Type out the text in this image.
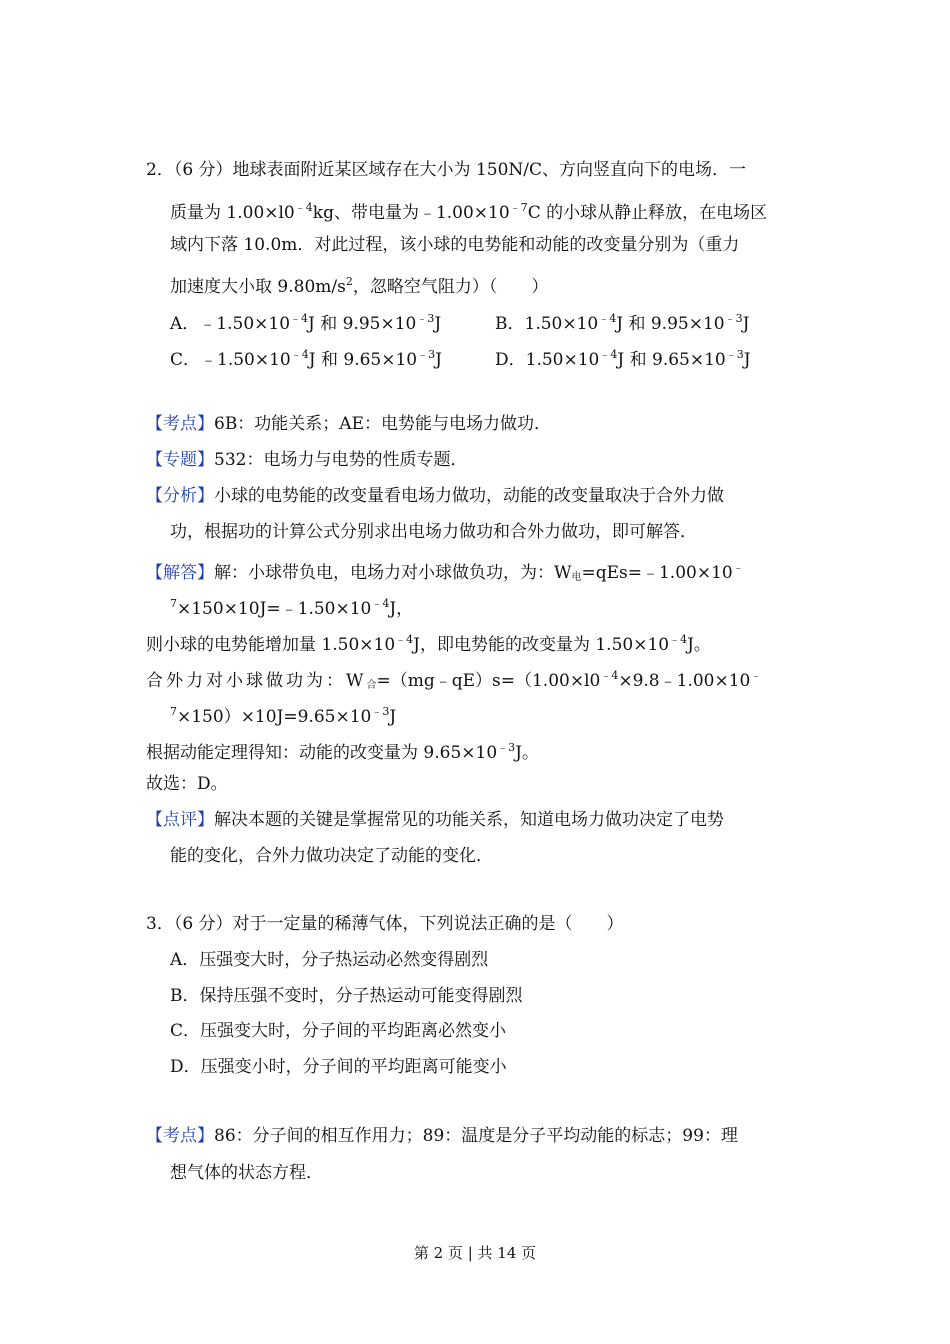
2．（6 分）地球表面附近某区域存在大小为 150N/C、方向竖直向下的电场．一
质量为 $1.00\times l0^{﹣4}kg$、带电量为$﹣1.00\times 10^{﹣7}C$ 的小球从静止释放，在电场区
域内下落 10.0m．对此过程，该小球的电势能和动能的改变量分别为（重力
加速度大小取 $9.80m/s^2$，忽略空气阻力）（　　）
A．$﹣1.50\times 10^{﹣4}J$ 和 $9.95\times 10^{﹣3}J$	B．$1.50\times 10^{﹣4}J$ 和 $9.95\times 10^{﹣3}J$
C．$﹣1.50\times 10^{﹣4}J$ 和 $9.65\times 10^{﹣3}J$	D．$1.50\times 10^{﹣4}J$ 和 $9.65\times 10^{﹣3}J$
【考点】6B：功能关系；AE：电势能与电场力做功．
【专题】532：电场力与电势的性质专题．
【分析】小球的电势能的改变量看电场力做功，动能的改变量取决于合外力做
功，根据功的计算公式分别求出电场力做功和合外力做功，即可解答．
【解答】解：小球带负电，电场力对小球做负功，为：$W_电=qEs=﹣1.00\times 10^﹣$
$^7\times 150\times 10J=﹣1.50\times 10^{﹣4}J$，
则小球的电势能增加量 $1.50\times 10^{﹣4}J$，即电势能的改变量为 $1.50\times 10^{﹣4}J$。
合外力对小球做功为：$W_合=(mg﹣qE)s=(1.00\times l0^{﹣4}\times 9.8﹣1.00\times 10^﹣$
$^7\times 150)\times 10J=9.65\times 10^{﹣3}J$
根据动能定理得知：动能的改变量为 $9.65\times 10^{﹣3}J$。
故选：D。
【点评】解决本题的关键是掌握常见的功能关系，知道电场力做功决定了电势
能的变化，合外力做功决定了动能的变化．
3．（6 分）对于一定量的稀薄气体，下列说法正确的是（　　）
A．压强变大时，分子热运动必然变得剧烈
B．保持压强不变时，分子热运动可能变得剧烈
C．压强变大时，分子间的平均距离必然变小
D．压强变小时，分子间的平均距离可能变小
【考点】86：分子间的相互作用力；89：温度是分子平均动能的标志；99：理
想气体的状态方程．
第 2 页 | 共 14 页
